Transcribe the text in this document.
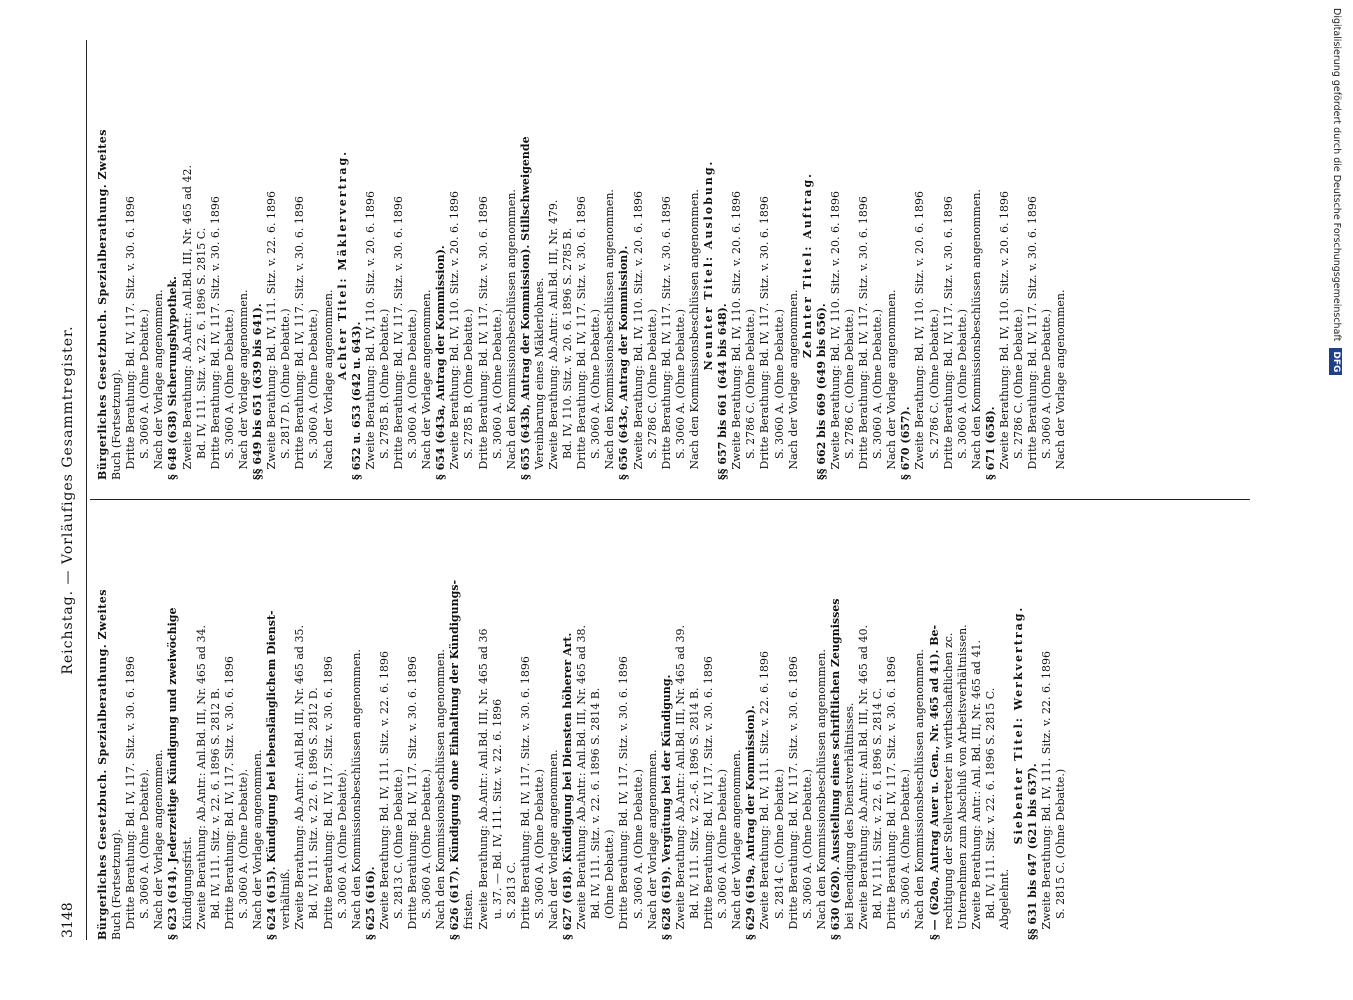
3148
Reichstag. — Vorläufiges Gesammtregister.
Bürgerliches Gesetzbuch. Spezialberathung. Zweites Buch (Fortsetzung). Dritte Berathung: Bd. IV, 117. Sitz. v. 30. 6. 1896 S. 3060 A. (Ohne Debatte). Nach der Vorlage angenommen. § 623 (614). Jederzeitige Kündigung und zweiwöchige Kündigungsfrist. Zweite Berathung: Ab.Antr.: Anl.Bd. III, Nr. 465 ad 34. Bd. IV, 111. Sitz. v. 22. 6. 1896 S. 2812 B. Dritte Berathung: Bd. IV, 117. Sitz. v. 30. 6. 1896 S. 3060 A. (Ohne Debatte). Nach der Vorlage angenommen. § 624 (615). Kündigung bei lebenslänglichem Dienst- verhältniß. Zweite Berathung: Ab.Antr.: Anl.Bd. III, Nr. 465 ad 35. Bd. IV, 111. Sitz. v. 22. 6. 1896 S. 2812 D. Dritte Berathung: Bd. IV, 117. Sitz. v. 30. 6. 1896 S. 3060 A. (Ohne Debatte). Nach den Kommissionsbeschlüssen angenommen. § 625 (616). Zweite Berathung: Bd. IV, 111. Sitz. v. 22. 6. 1896 S. 2813 C. (Ohne Debatte.) Dritte Berathung: Bd. IV, 117. Sitz. v. 30. 6. 1896 S. 3060 A. (Ohne Debatte.) Nach den Kommissionsbeschlüssen angenommen. § 626 (617). Kündigung ohne Einhaltung der Kündigungs- fristen. Zweite Berathung: Ab.Antr.: Anl.Bd. III, Nr. 465 ad 36 u. 37. — Bd. IV, 111. Sitz. v. 22. 6. 1896 S. 2813 C. Dritte Berathung: Bd. IV, 117. Sitz. v. 30. 6. 1896 S. 3060 A. (Ohne Debatte.) Nach der Vorlage angenommen. § 627 (618). Kündigung bei Diensten höherer Art. Zweite Berathung: Ab.Antr.: Anl.Bd. III, Nr. 465 ad 38. Bd. IV, 111. Sitz. v. 22. 6. 1896 S. 2814 B. (Ohne Debatte.) Dritte Berathung: Bd. IV, 117. Sitz. v. 30. 6. 1896 S. 3060 A. (Ohne Debatte.) Nach der Vorlage angenommen. § 628 (619). Vergütung bei der Kündigung. Zweite Berathung: Ab.Antr.: Anl.Bd. III, Nr. 465 ad 39. Bd. IV, 111. Sitz. v. 22.-6. 1896 S. 2814 B. Dritte Berathung: Bd. IV, 117. Sitz. v. 30. 6. 1896 S. 3060 A. (Ohne Debatte.) Nach der Vorlage angenommen. § 629 (619a, Antrag der Kommission). Zweite Berathung: Bd. IV, 111. Sitz. v. 22. 6. 1896 S. 2814 C. (Ohne Debatte.) Dritte Berathung: Bd. IV, 117. Sitz. v. 30. 6. 1896 S. 3060 A. (Ohne Debatte.) Nach den Kommissionsbeschlüssen angenommen. § 630 (620). Ausstellung eines schriftlichen Zeugnisses bei Beendigung des Dienstverhältnisses. Zweite Berathung: Ab.Antr.: Anl.Bd. III, Nr. 465 ad 40. Bd. IV, 111. Sitz. v. 22. 6. 1896 S. 2814 C. Dritte Berathung: Bd. IV, 117. Sitz. v. 30. 6. 1896 S. 3060 A. (Ohne Debatte.) Nach den Kommissionsbeschlüssen angenommen. § — (620a, Antrag Auer u. Gen., Nr. 465 ad 41). Be- rechtigung der Stellvertreter in wirthschaftlichen zc. Unternehmen zum Abschluß von Arbeitsverhältnissen. Zweite Berathung: Antr.: Anl. Bd. III, Nr. 465 ad 41. Bd. IV, 111. Sitz. v. 22. 6. 1896 S. 2815 C. Abgelehnt.
Siebenter Titel: Werkvertrag.
§§ 631 bis 647 (621 bis 637). Zweite Berathung: Bd. IV, 111. Sitz. v. 22. 6. 1896 S. 2815 C. (Ohne Debatte.)
Bürgerliches Gesetzbuch. Spezialberathung. Zweites Buch (Fortsetzung). Dritte Berathung: Bd. IV, 117. Sitz. v. 30. 6. 1896 S. 3060 A. (Ohne Debatte.) Nach der Vorlage angenommen. § 648 (638) Sicherungshypothek. Zweite Berathung: Ab.Antr.: Anl.Bd. III, Nr. 465 ad 42. Bd. IV, 111. Sitz. v. 22. 6. 1896 S. 2815 C. Dritte Berathung: Bd. IV, 117. Sitz. v. 30. 6. 1896 S. 3060 A. (Ohne Debatte.) Nach der Vorlage angenommen. §§ 649 bis 651 (639 bis 641). Zweite Berathung: Bd. IV, 111. Sitz. v. 22. 6. 1896 S. 2817 D. (Ohne Debatte.) Dritte Berathung: Bd. IV, 117. Sitz. v. 30. 6. 1896 S. 3060 A. (Ohne Debatte.) Nach der Vorlage angenommen.
Achter Titel: Mäklervertrag.
§ 652 u. 653 (642 u. 643). Zweite Berathung: Bd. IV, 110. Sitz. v. 20. 6. 1896 S. 2785 B. (Ohne Debatte.) Dritte Berathung: Bd. IV, 117. Sitz. v. 30. 6. 1896 S. 3060 A. (Ohne Debatte.) Nach der Vorlage angenommen. § 654 (643a, Antrag der Kommission). Zweite Berathung: Bd. IV, 110. Sitz. v. 20. 6. 1896 S. 2785 B. (Ohne Debatte.) Dritte Berathung: Bd. IV, 117. Sitz. v. 30. 6. 1896 S. 3060 A. (Ohne Debatte.) Nach den Kommissionsbeschlüssen angenommen. § 655 (643b, Antrag der Kommission). Stillschweigende Vereinbarung eines Mäklerlohnes. Zweite Berathung: Ab.Antr.: Anl.Bd. III, Nr. 479. Bd. IV, 110. Sitz. v. 20. 6. 1896 S. 2785 B. Dritte Berathung: Bd. IV, 117. Sitz. v. 30. 6. 1896 S. 3060 A. (Ohne Debatte.) Nach den Kommissionsbeschlüssen angenommen. § 656 (643c, Antrag der Kommission). Zweite Berathung: Bd. IV, 110. Sitz. v. 20. 6. 1896 S. 2786 C. (Ohne Debatte.) Dritte Berathung: Bd. IV, 117. Sitz. v. 30. 6. 1896 S. 3060 A. (Ohne Debatte.) Nach den Kommissionsbeschlüssen angenommen. Neunter Titel: Auslobung.
§§ 657 bis 661 (644 bis 648). Zweite Berathung: Bd. IV, 110. Sitz. v. 20. 6. 1896 S. 2786 C. (Ohne Debatte.) Dritte Berathung: Bd. IV, 117. Sitz. v. 30. 6. 1896 S. 3060 A. (Ohne Debatte.) Nach der Vorlage angenommen.
Zehnter Titel: Auftrag.
§§ 662 bis 669 (649 bis 656). Zweite Berathung: Bd. IV, 110. Sitz. v. 20. 6. 1896 S. 2786 C. (Ohne Debatte.) Dritte Berathung: Bd. IV, 117. Sitz. v. 30. 6. 1896 S. 3060 A. (Ohne Debatte.) Nach der Vorlage angenommen. § 670 (657). Zweite Berathung: Bd. IV, 110. Sitz. v. 20. 6. 1896 S. 2786 C. (Ohne Debatte.) Dritte Berathung: Bd. IV, 117. Sitz. v. 30. 6. 1896 S. 3060 A. (Ohne Debatte.) Nach den Kommissionsbeschlüssen angenommen. § 671 (658). Zweite Berathung: Bd. IV, 110. Sitz. v. 20. 6. 1896 S. 2786 C. (Ohne Debatte.) Dritte Berathung: Bd. IV, 117. Sitz. v. 30. 6. 1896 S. 3060 A. (Ohne Debatte.) Nach der Vorlage angenommen.
Digitalisierung gefördert durch die Deutsche Forschungsgemeinschaft DFG
